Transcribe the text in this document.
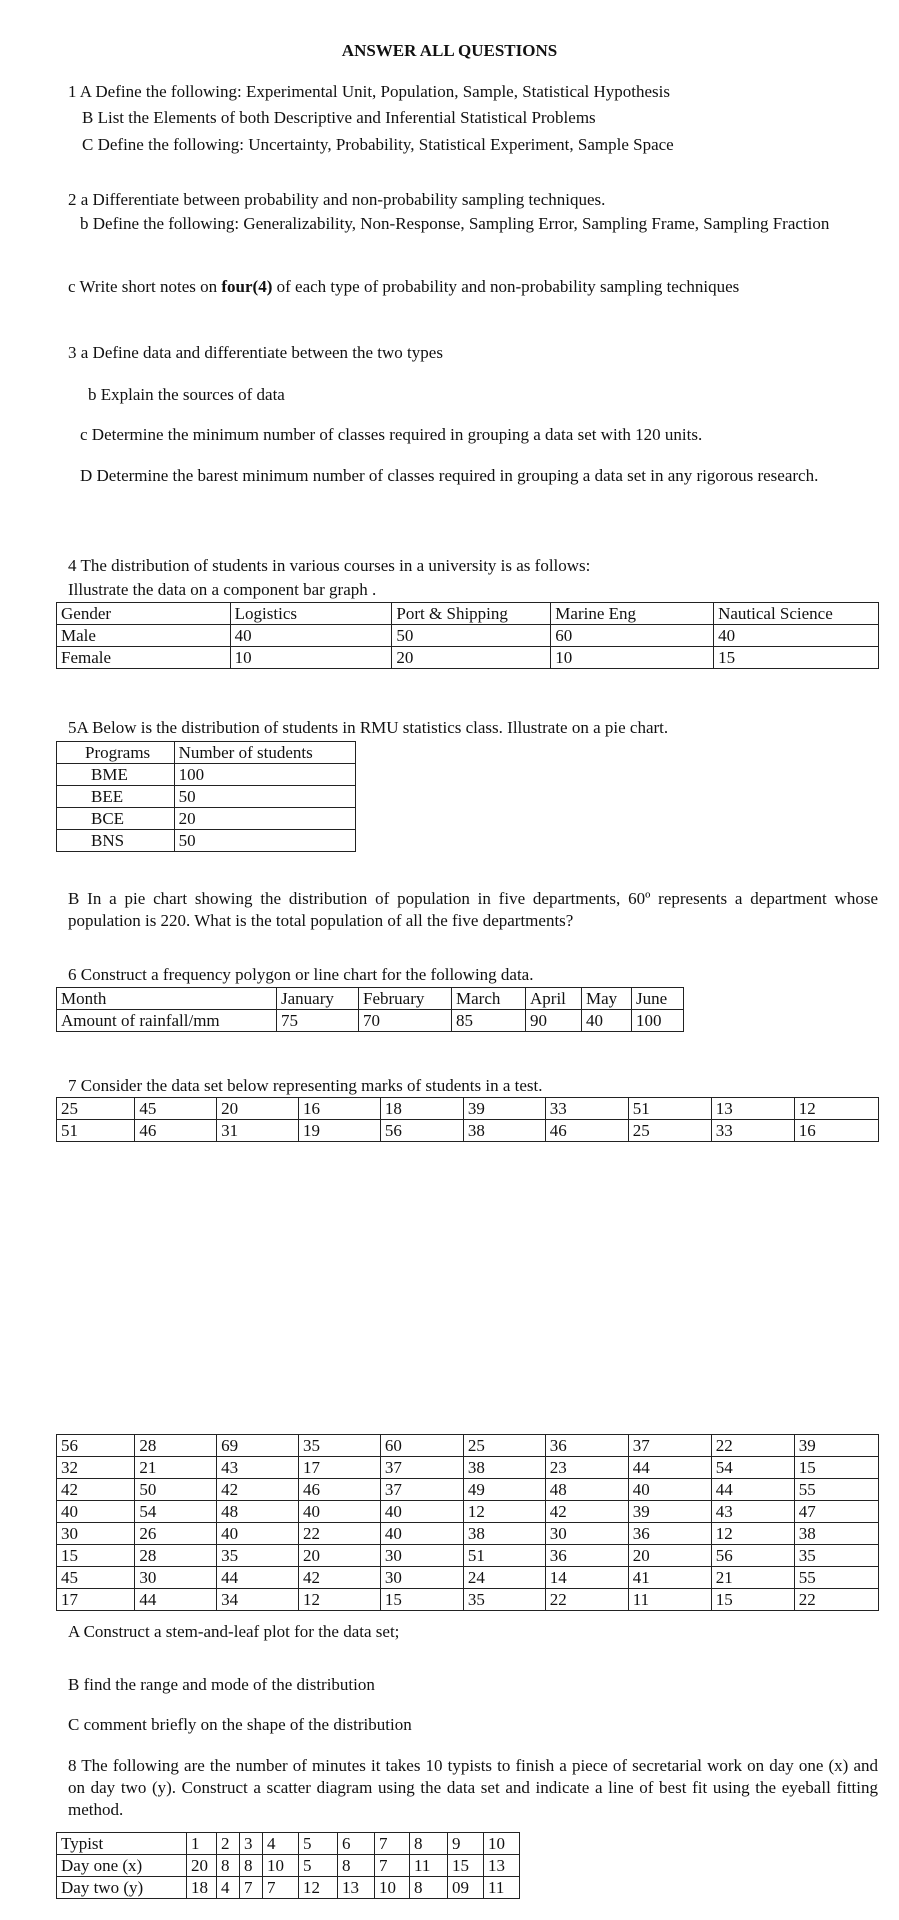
ANSWER ALL QUESTIONS
1 A Define the following: Experimental Unit, Population, Sample, Statistical Hypothesis
B List the Elements of both Descriptive and Inferential Statistical Problems
C Define the following: Uncertainty, Probability, Statistical Experiment, Sample Space
2 a Differentiate between probability and non-probability sampling techniques.
b Define the following: Generalizability, Non-Response, Sampling Error, Sampling Frame, Sampling Fraction
c Write short notes on four(4) of each type of probability and non-probability sampling techniques
3 a Define data and differentiate between the two types
b Explain the sources of data
c Determine the minimum number of classes required in grouping a data set with 120 units.
D Determine the barest minimum number of classes required in grouping a data set in any rigorous research.
4 The distribution of students in various courses in a university is as follows:
Illustrate the data on a component bar graph .
Gender	Logistics	Port & Shipping	Marine Eng	Nautical Science
Male	40	50	60	40
Female	10	20	10	15
5A Below is the distribution of students in RMU statistics class. Illustrate on a pie chart.
Programs	Number of students
BME	100
BEE	50
BCE	20
BNS	50
B In a pie chart showing the distribution of population in five departments, 60º represents a department whose population is 220. What is the total population of all the five departments?
6 Construct a frequency polygon or line chart for the following data.
Month	January	February	March	April	May	June
Amount of rainfall/mm	75	70	85	90	40	100
7 Consider the data set below representing marks of students in a test.
25	45	20	16	18	39	33	51	13	12
51	46	31	19	56	38	46	25	33	16
56	28	69	35	60	25	36	37	22	39
32	21	43	17	37	38	23	44	54	15
42	50	42	46	37	49	48	40	44	55
40	54	48	40	40	12	42	39	43	47
30	26	40	22	40	38	30	36	12	38
15	28	35	20	30	51	36	20	56	35
45	30	44	42	30	24	14	41	21	55
17	44	34	12	15	35	22	11	15	22
A Construct a stem-and-leaf plot for the data set;
B find the range and mode of the distribution
C comment briefly on the shape of the distribution
8 The following are the number of minutes it takes 10 typists to finish a piece of secretarial work on day one (x) and on day two (y). Construct a scatter diagram using the data set and indicate a line of best fit using the eyeball fitting method.
Typist	1	2	3	4	5	6	7	8	9	10
Day one (x)	20	8	8	10	5	8	7	11	15	13
Day two (y)	18	4	7	7	12	13	10	8	09	11
